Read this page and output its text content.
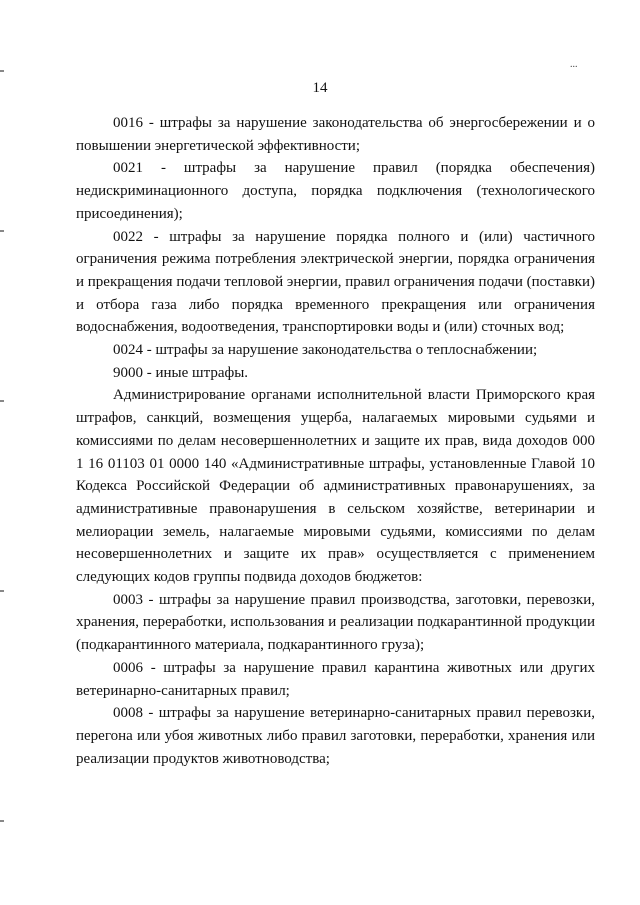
14
...

0016 - штрафы за нарушение законодательства об энергосбережении и о повышении энергетической эффективности;

0021 - штрафы за нарушение правил (порядка обеспечения) недискриминационного доступа, порядка подключения (технологического присоединения);

0022 - штрафы за нарушение порядка полного и (или) частичного ограничения режима потребления электрической энергии, порядка ограничения и прекращения подачи тепловой энергии, правил ограничения подачи (поставки) и отбора газа либо порядка временного прекращения или ограничения водоснабжения, водоотведения, транспортировки воды и (или) сточных вод;

0024 - штрафы за нарушение законодательства о теплоснабжении;

9000 - иные штрафы.

Администрирование органами исполнительной власти Приморского края штрафов, санкций, возмещения ущерба, налагаемых мировыми судьями и комиссиями по делам несовершеннолетних и защите их прав, вида доходов 000 1 16 01103 01 0000 140 «Административные штрафы, установленные Главой 10 Кодекса Российской Федерации об административных правонарушениях, за административные правонарушения в сельском хозяйстве, ветеринарии и мелиорации земель, налагаемые мировыми судьями, комиссиями по делам несовершеннолетних и защите их прав» осуществляется с применением следующих кодов группы подвида доходов бюджетов:

0003 - штрафы за нарушение правил производства, заготовки, перевозки, хранения, переработки, использования и реализации подкарантинной продукции (подкарантинного материала, подкарантинного груза);

0006 - штрафы за нарушение правил карантина животных или других ветеринарно-санитарных правил;

0008 - штрафы за нарушение ветеринарно-санитарных правил перевозки, перегона или убоя животных либо правил заготовки, переработки, хранения или реализации продуктов животноводства;
